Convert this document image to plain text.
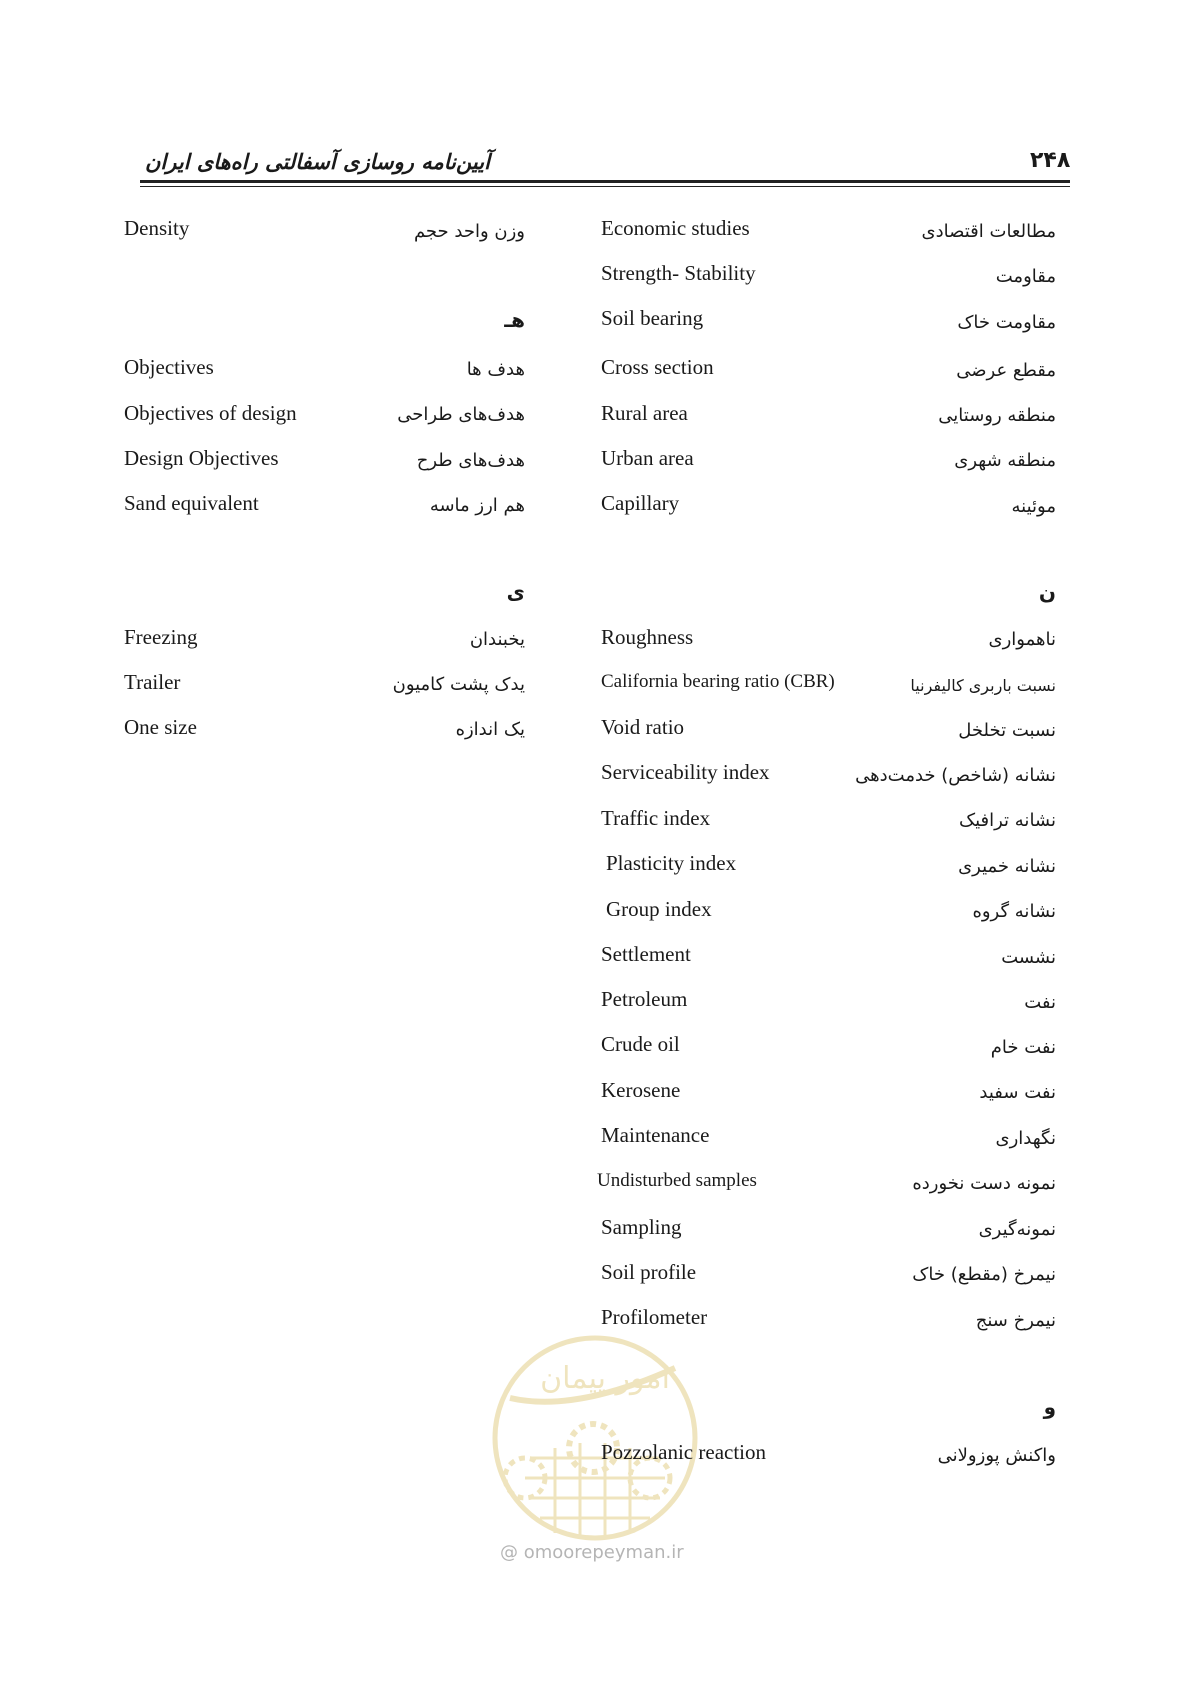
۲۴۸
آیین‌نامه روسازی آسفالتی راه‌های ایران
Density	وزن واحد حجم
هـ
Objectives	هدف ها
Objectives of design	هدف‌های طراحی
Design Objectives	هدف‌های طرح
Sand equivalent	هم ارز ماسه
ی
Freezing	یخبندان
Trailer	یدک پشت کامیون
One size	یک اندازه
Economic studies	مطالعات اقتصادی
Strength- Stability	مقاومت
Soil bearing	مقاومت خاک
Cross section	مقطع عرضی
Rural area	منطقه روستایی
Urban area	منطقه شهری
Capillary	موئینه
ن
Roughness	ناهمواری
California bearing ratio (CBR)	نسبت باربری کالیفرنیا
Void ratio	نسبت تخلخل
Serviceability index	نشانه (شاخص) خدمت‌دهی
Traffic index	نشانه ترافیک
Plasticity index	نشانه خمیری
Group index	نشانه گروه
Settlement	نشست
Petroleum	نفت
Crude oil	نفت خام
Kerosene	نفت سفید
Maintenance	نگهداری
Undisturbed samples	نمونه دست نخورده
Sampling	نمونه‌گیری
Soil profile	نیمرخ (مقطع) خاک
Profilometer	نیمرخ سنج
امور پیمان
@ omoorepeyman.ir
و
Pozzolanic reaction	واکنش پوزولانی
